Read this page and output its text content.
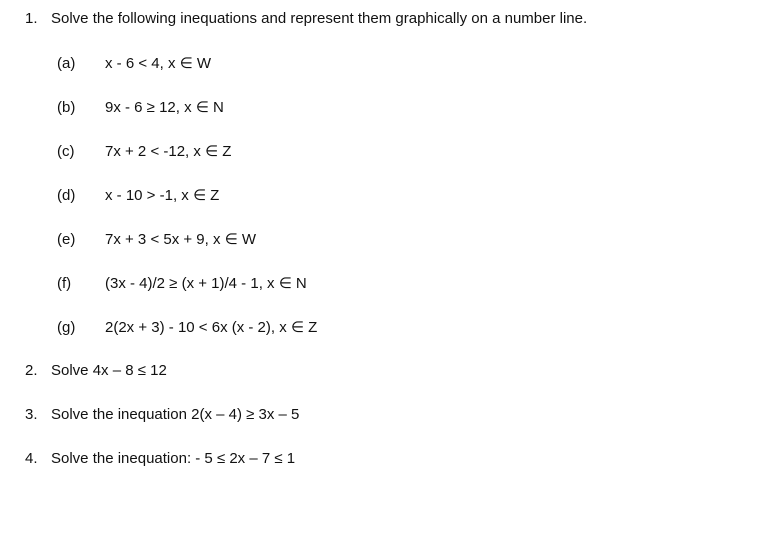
1. Solve the following inequations and represent them graphically on a number line.
(a)	x - 6 < 4, x ∈ W
(b)	9x - 6 ≥ 12, x ∈ N
(c)	7x + 2 < -12, x ∈ Z
(d)	x - 10 > -1, x ∈ Z
(e)	7x + 3 < 5x + 9, x ∈ W
(f)	(3x - 4)/2 ≥ (x + 1)/4 - 1, x ∈ N
(g)	2(2x + 3) - 10 < 6x (x - 2), x ∈ Z
2. Solve 4x – 8 ≤ 12
3. Solve the inequation 2(x – 4) ≥ 3x – 5
4. Solve the inequation: - 5 ≤ 2x – 7 ≤ 1
